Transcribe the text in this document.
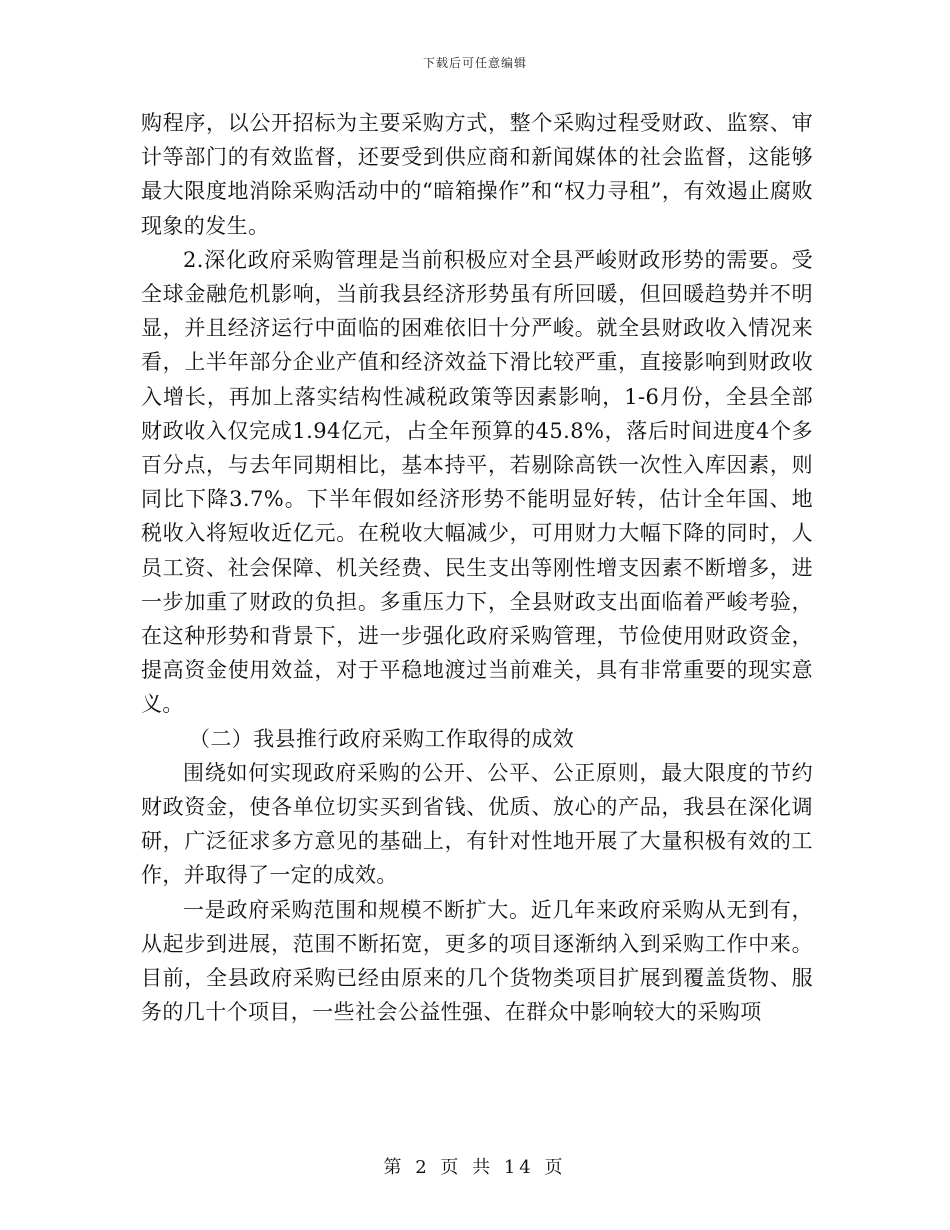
下载后可任意编辑

购程序，以公开招标为主要采购方式，整个采购过程受财政、监察、审计等部门的有效监督，还要受到供应商和新闻媒体的社会监督，这能够最大限度地消除采购活动中的“暗箱操作”和“权力寻租”，有效遏止腐败现象的发生。

2.深化政府采购管理是当前积极应对全县严峻财政形势的需要。受全球金融危机影响，当前我县经济形势虽有所回暖，但回暖趋势并不明显，并且经济运行中面临的困难依旧十分严峻。就全县财政收入情况来看，上半年部分企业产值和经济效益下滑比较严重，直接影响到财政收入增长，再加上落实结构性减税政策等因素影响，1-6月份，全县全部财政收入仅完成1.94亿元，占全年预算的45.8%，落后时间进度4个多百分点，与去年同期相比，基本持平，若剔除高铁一次性入库因素，则同比下降3.7%。下半年假如经济形势不能明显好转，估计全年国、地税收入将短收近亿元。在税收大幅减少，可用财力大幅下降的同时，人员工资、社会保障、机关经费、民生支出等刚性增支因素不断增多，进一步加重了财政的负担。多重压力下，全县财政支出面临着严峻考验，在这种形势和背景下，进一步强化政府采购管理，节俭使用财政资金，提高资金使用效益，对于平稳地渡过当前难关，具有非常重要的现实意义。

（二）我县推行政府采购工作取得的成效

围绕如何实现政府采购的公开、公平、公正原则，最大限度的节约财政资金，使各单位切实买到省钱、优质、放心的产品，我县在深化调研，广泛征求多方意见的基础上，有针对性地开展了大量积极有效的工作，并取得了一定的成效。

一是政府采购范围和规模不断扩大。近几年来政府采购从无到有，从起步到进展，范围不断拓宽，更多的项目逐渐纳入到采购工作中来。目前，全县政府采购已经由原来的几个货物类项目扩展到覆盖货物、服务的几十个项目，一些社会公益性强、在群众中影响较大的采购项

第 2 页 共 14 页
